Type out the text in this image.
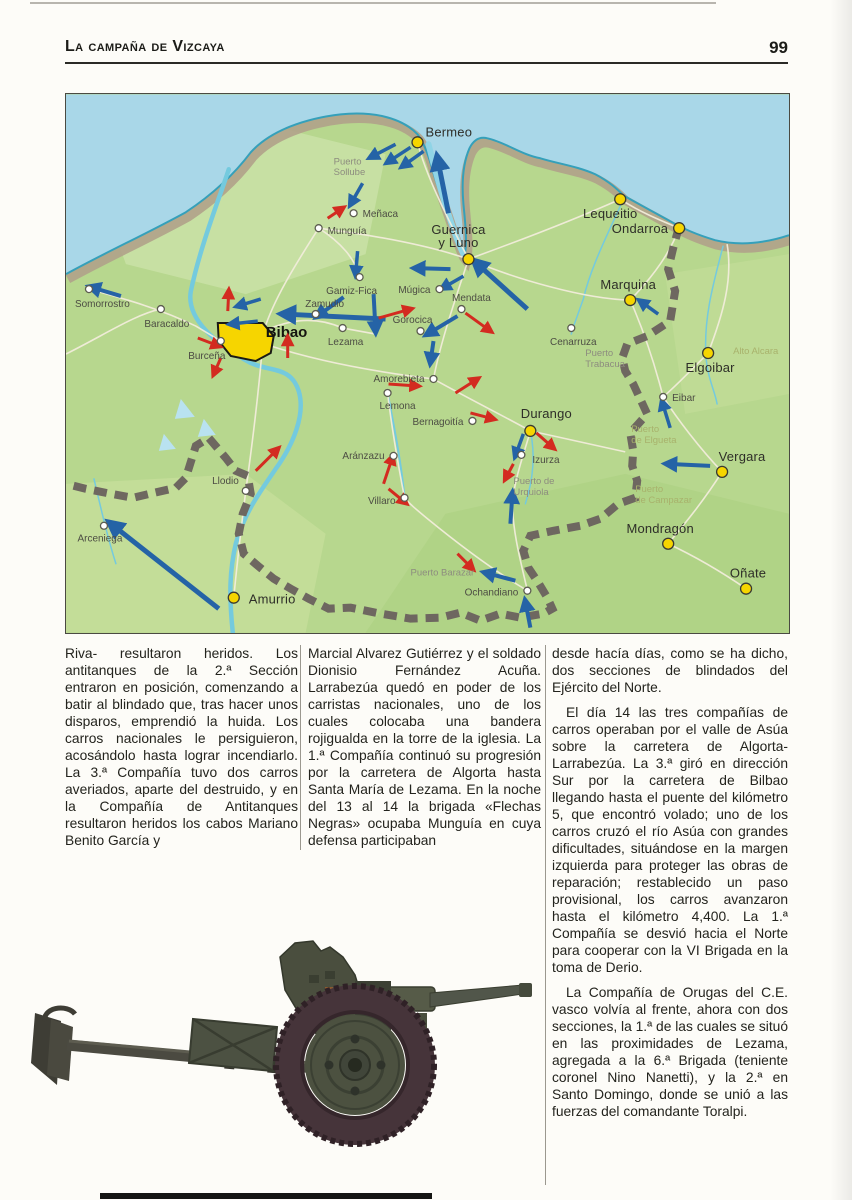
La campaña de Vizcaya	99
Bibao
Puerto Sollube
Puerto Trabacua
Puerto de Urquiola
Puerto Barazar
Puerto de Elgueta
Puerto de Campazar
Alto Alcara
Bermeo
Lequeitio
Ondarroa
Marquina
Elgoibar
Vergara
Mondragón
Oñate
Durango
Amurrio
Guernica y Luno
Somorrostro
Baracaldo
Burceña
Meñaca
Munguía
Gamiz-Fica
Zamudio
Lezama
Múgica
Gorocica
Mendata
Cenarruza
Amorebieta
Lemona
Bernagoitía
Izurza
Aránzazu
Villaro
Llodio
Arceniega
Ochandiano
Eibar

Riva- resultaron heridos. Los antitanques de la 2.ª Sección entraron en posición, comenzando a batir al blindado que, tras hacer unos disparos, emprendió la huida. Los carros nacionales le persiguieron, acosándolo hasta lograr incendiarlo. La 3.ª Compañía tuvo dos carros averiados, aparte del destruido, y en la Compañía de Antitanques resultaron heridos los cabos Mariano Benito García y

Marcial Alvarez Gutiérrez y el soldado Dionisio Fernández Acuña. Larrabezúa quedó en poder de los carristas nacionales, uno de los cuales colocaba una bandera rojigualda en la torre de la iglesia. La 1.ª Compañía continuó su progresión por la carretera de Algorta hasta Santa María de Lezama. En la noche del 13 al 14 la brigada «Flechas Negras» ocupaba Munguía en cuya defensa participaban

desde hacía días, como se ha dicho, dos secciones de blindados del Ejército del Norte.

El día 14 las tres compañías de carros operaban por el valle de Asúa sobre la carretera de Algorta-Larrabezúa. La 3.ª giró en dirección Sur por la carretera de Bilbao llegando hasta el puente del kilómetro 5, que encontró volado; uno de los carros cruzó el río Asúa con grandes dificultades, situándose en la margen izquierda para proteger las obras de reparación; restablecido un paso provisional, los carros avanzaron hasta el kilómetro 4,400. La 1.ª Compañía se desvió hacia el Norte para cooperar con la VI Brigada en la toma de Derio.

La Compañía de Orugas del C.E. vasco volvía al frente, ahora con dos secciones, la 1.ª de las cuales se situó en las proximidades de Lezama, agregada a la 6.ª Brigada (teniente coronel Nino Nanetti), y la 2.ª en Santo Domingo, donde se unió a las fuerzas del comandante Toralpi.
